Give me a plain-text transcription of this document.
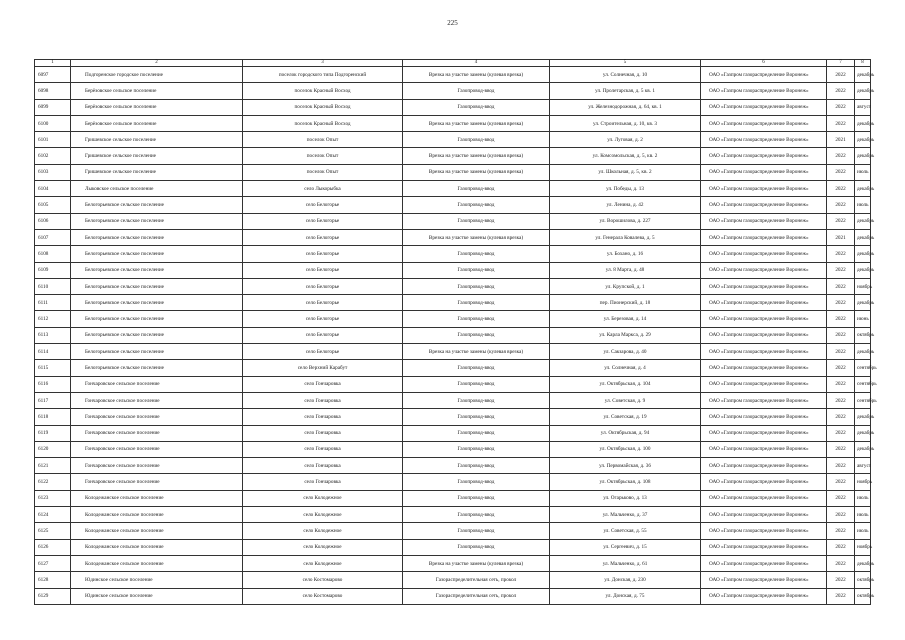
225
1	2	3	4	5	6	7	8
6097	Подгоренское городское поселение	поселок городского типа Подгоренский	Врезка на участке замены (кулевая врезка)	ул. Солнечная, д. 10	ОАО «Газпром газораспределение Воронеж»	2022	декабрь
6098	Берёзовское сельское поселение	поселок Красный Восход	Газопровод-ввод	ул. Пролетарская, д. 5 кв. 1	ОАО «Газпром газораспределение Воронеж»	2022	декабрь
6099	Берёзовское сельское поселение	поселок Красный Восход	Газопровод-ввод	ул. Железнодорожная, д. 64, кв. 1	ОАО «Газпром газораспределение Воронеж»	2022	август
6100	Берёзовское сельское поселение	поселок Красный Восход	Врезка на участке замены (кулевая врезка)	ул. Строительная, д. 10, кв. 3	ОАО «Газпром газораспределение Воронеж»	2022	декабрь
6101	Гришевское сельское поселение	поселок Опыт	Газопровод-ввод	ул. Луговая, д. 2	ОАО «Газпром газораспределение Воронеж»	2021	декабрь
6102	Гришевское сельское поселение	поселок Опыт	Врезка на участке замены (кулевая врезка)	ул. Комсомольская, д. 5, кв. 2	ОАО «Газпром газораспределение Воронеж»	2022	декабрь
6103	Гришевское сельское поселение	поселок Опыт	Врезка на участке замены (кулевая врезка)	ул. Школьная, д. 5, кв. 2	ОАО «Газпром газораспределение Воронеж»	2022	июль
6104	Лыковское сельское поселение	село Лыкорыбка	Газопровод-ввод	ул. Победы, д. 13	ОАО «Газпром газораспределение Воронеж»	2022	декабрь
6105	Белогорьевское сельское поселение	село Белогорье	Газопровод-ввод	ул. Ленина, д. 42	ОАО «Газпром газораспределение Воронеж»	2022	июль
6106	Белогорьевское сельское поселение	село Белогорье	Газопровод-ввод	ул. Ворошилова, д. 227	ОАО «Газпром газораспределение Воронеж»	2022	декабрь
6107	Белогорьевское сельское поселение	село Белогорье	Врезка на участке замены (кулевая врезка)	ул. Генерала Ковалева, д. 5	ОАО «Газпром газораспределение Воронеж»	2021	декабрь
6108	Белогорьевское сельское поселение	село Белогорье	Газопровод-ввод	ул. Бохано, д. 16	ОАО «Газпром газораспределение Воронеж»	2022	декабрь
6109	Белогорьевское сельское поселение	село Белогорье	Газопровод-ввод	ул. 8 Марта, д. 48	ОАО «Газпром газораспределение Воронеж»	2022	декабрь
6110	Белогорьевское сельское поселение	село Белогорье	Газопровод-ввод	ул. Крупской, д. 1	ОАО «Газпром газораспределение Воронеж»	2022	ноябрь
6111	Белогорьевское сельское поселение	село Белогорье	Газопровод-ввод	пер. Пионерский, д. 18	ОАО «Газпром газораспределение Воронеж»	2022	декабрь
6112	Белогорьевское сельское поселение	село Белогорье	Газопровод-ввод	ул. Березовая, д. 14	ОАО «Газпром газораспределение Воронеж»	2022	июнь
6113	Белогорьевское сельское поселение	село Белогорье	Газопровод-ввод	ул. Карла Маркса, д. 29	ОАО «Газпром газораспределение Воронеж»	2022	октябрь
6114	Белогорьевское сельское поселение	село Белогорье	Врезка на участке замены (кулевая врезка)	ул. Сакзарова, д. 40	ОАО «Газпром газораспределение Воронеж»	2022	декабрь
6115	Белогорьевское сельское поселение	село Верхний Карабут	Газопровод-ввод	ул. Солнечная, д. 4	ОАО «Газпром газораспределение Воронеж»	2022	сентябрь
6116	Гончаровское сельское поселение	село Гончаровка	Газопровод-ввод	ул. Октябрьская, д. 104	ОАО «Газпром газораспределение Воронеж»	2022	сентябрь
6117	Гончаровское сельское поселение	село Гончаровка	Газопровод-ввод	ул. Советская, д. 9	ОАО «Газпром газораспределение Воронеж»	2022	сентябрь
6118	Гончаровское сельское поселение	село Гончаровка	Газопровод-ввод	ул. Советская, д. 19	ОАО «Газпром газораспределение Воронеж»	2022	декабрь
6119	Гончаровское сельское поселение	село Гончаровка	Газопровод-ввод	ул. Октябрьская, д. 94	ОАО «Газпром газораспределение Воронеж»	2022	декабрь
6120	Гончаровское сельское поселение	село Гончаровка	Газопровод-ввод	ул. Октябрьская, д. 100	ОАО «Газпром газораспределение Воронеж»	2022	декабрь
6121	Гончаровское сельское поселение	село Гончаровка	Газопровод-ввод	ул. Первомайская, д. 36	ОАО «Газпром газораспределение Воронеж»	2022	август
6122	Гончаровское сельское поселение	село Гончаровка	Газопровод-ввод	ул. Октябрьская, д. 108	ОАО «Газпром газораспределение Воронеж»	2022	ноябрь
6123	Колодежанское сельское поселение	село Колодежное	Газопровод-ввод	ул. Огарьково, д. 13	ОАО «Газпром газораспределение Воронеж»	2022	июль
6124	Колодежанское сельское поселение	село Колодежное	Газопровод-ввод	ул. Мальченко, д. 37	ОАО «Газпром газораспределение Воронеж»	2022	июль
6125	Колодежанское сельское поселение	село Колодежное	Газопровод-ввод	ул. Советская, д. 55	ОАО «Газпром газораспределение Воронеж»	2022	июль
6126	Колодежанское сельское поселение	село Колодежное	Газопровод-ввод	ул. Сергеевич, д. 15	ОАО «Газпром газораспределение Воронеж»	2022	ноябрь
6127	Колодежанское сельское поселение	село Колодежное	Врезка на участке замены (кулевая врезка)	ул. Мальченко, д. 61	ОАО «Газпром газораспределение Воронеж»	2022	декабрь
6128	Юдинское сельское поселение	село Костомарово	Газораспределительная сеть, прокол	ул. Донская, д. 230	ОАО «Газпром газораспределение Воронеж»	2022	октябрь
6129	Юдинское сельское поселение	село Костомарово	Газораспределительная сеть, прокол	ул. Донская, д. 75	ОАО «Газпром газораспределение Воронеж»	2022	октябрь
